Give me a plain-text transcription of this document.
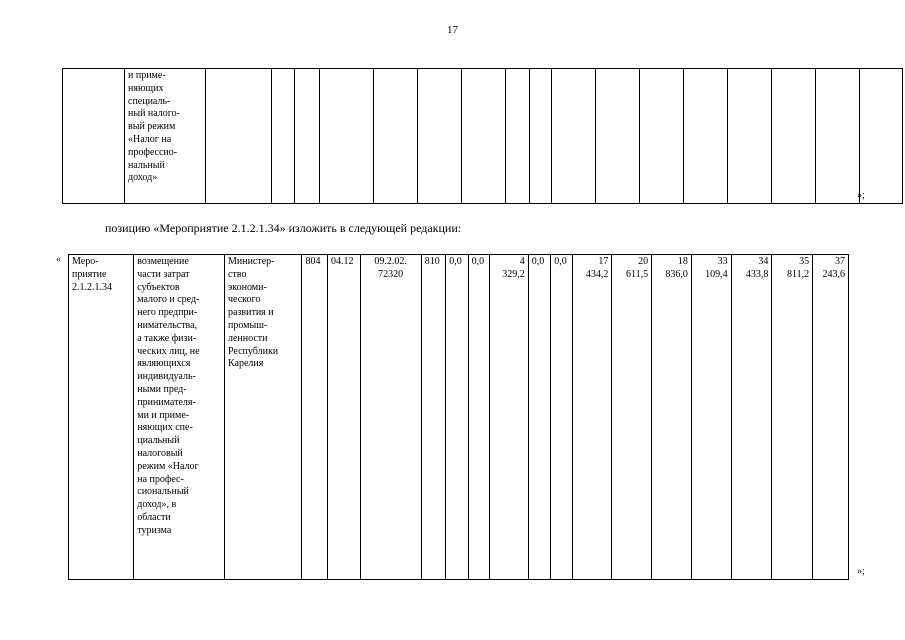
17
	и приме-
няющих
специаль-
ный налого-
вый режим
«Налог на
профессио-
нальный
доход»																	
»;
позицию «Мероприятие 2.1.2.1.34» изложить в следующей редакции:
« Меро-
приятие
2.1.2.1.34	возмещение
части затрат
субъектов
малого и сред-
него предпри-
нимательства,
а также физи-
ческих лиц, не
являющихся
индивидуаль-
ными пред-
принимателя-
ми и приме-
няющих спе-
циальный
налоговый
режим «Налог
на профес-
сиональный
доход», в
области
туризма	Министер-
ство
экономи-
ческого
развития и
промыш-
ленности
Республики
Карелия	804	04.12	09.2.02.
72320	810	0,0	0,0	4
329,2	0,0	0,0	17
434,2	20
611,5	18
836,0	33
109,4	34
433,8	35
811,2	37
243,6
»;
